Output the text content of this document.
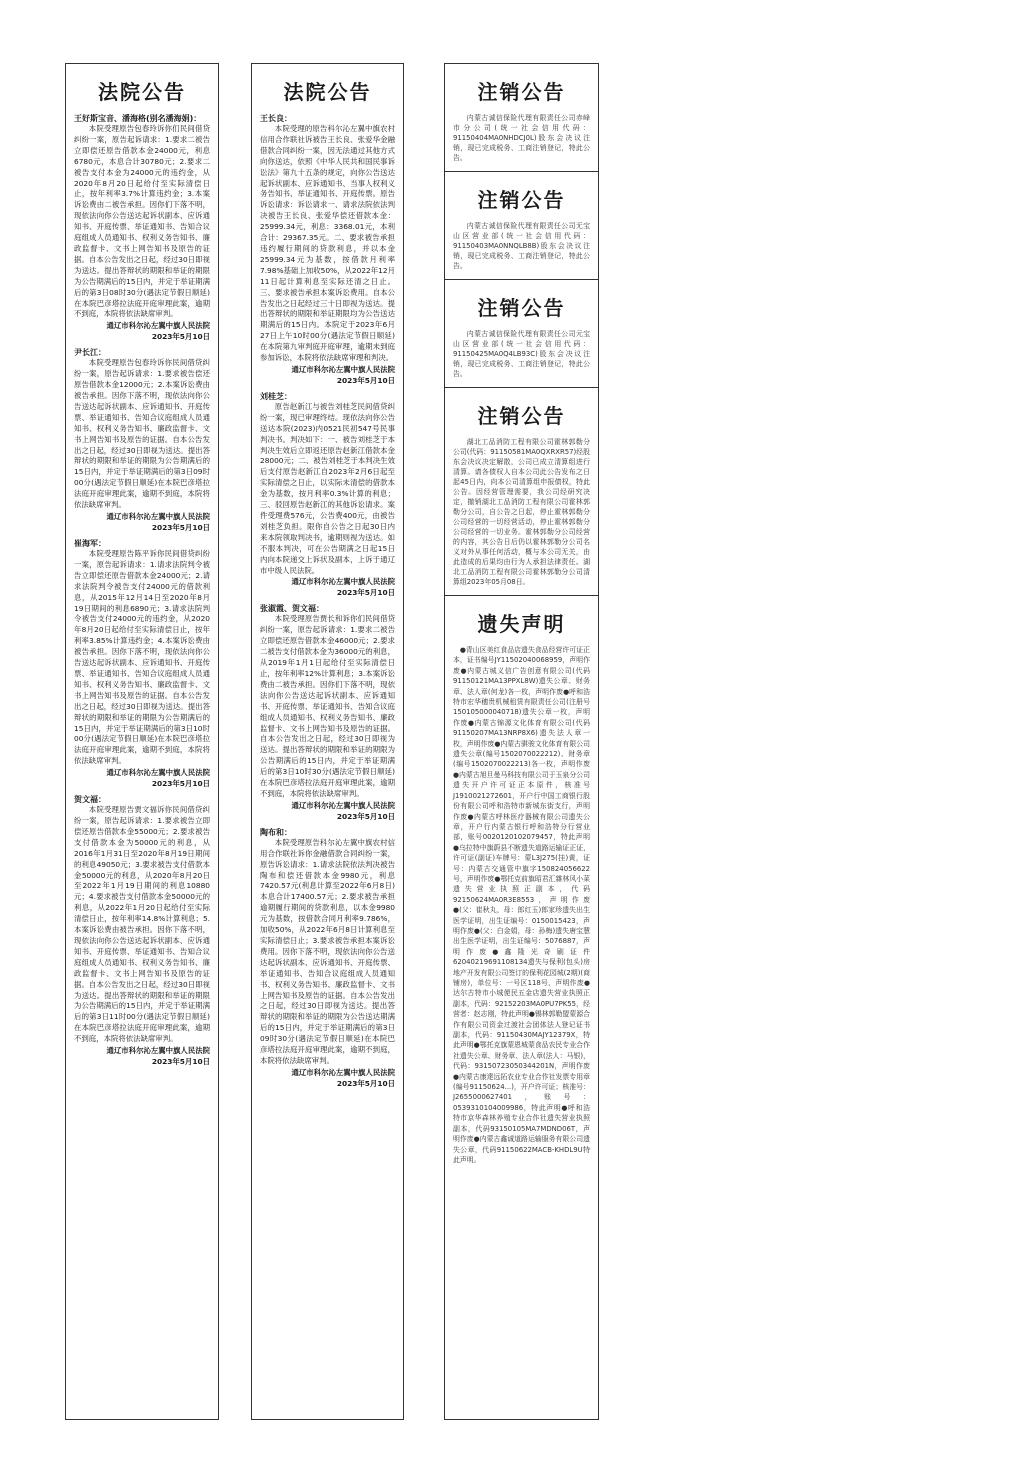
法院公告
王好斯宝音、潘海格(别名潘海娟)：

本院受理原告包春玲诉你们民间借贷纠纷一案，原告起诉请求：1.要求二被告立即偿还原告借款本金24000元，利息6780元，本息合计30780元；2.要求二被告支付本金为24000元的违约金，从2020年8月20日起给付至实际清偿日止，按年利率3.7%计算违约金；3.本案诉讼费由二被告承担。因你们下落不明，现依法向你公告送达起诉状副本、应诉通知书、开庭传票、举证通知书、告知合议庭组成人员通知书、权利义务告知书、廉政监督卡、文书上网告知书及原告的证据。自本公告发出之日起，经过30日即视为送达。提出答辩状的期限和举证的期限为公告期满后的15日内，并定于举证期满后的第3日08时30分(遇法定节假日顺延)在本院巴彦塔拉法庭开庭审理此案，逾期不到庭，本院将依法缺席审判。

通辽市科尔沁左翼中旗人民法院
2023年5月10日
尹长江：

本院受理原告包春玲诉你民间借贷纠纷一案，原告起诉请求：1.要求被告偿还原告借款本金12000元；2.本案诉讼费由被告承担。因你下落不明，现依法向你公告送达起诉状副本、应诉通知书、开庭传票、举证通知书、告知合议庭组成人员通知书、权利义务告知书、廉政监督卡、文书上网告知书及原告的证据。自本公告发出之日起，经过30日即视为送达。提出答辩状的期限和举证的期限为公告期满后的15日内，并定于举证期满后的第3日09时00分(遇法定节假日顺延)在本院巴彦塔拉法庭开庭审理此案，逾期不到庭，本院将依法缺席审判。

通辽市科尔沁左翼中旗人民法院
2023年5月10日
崔海军：

本院受理原告陈平诉你民间借贷纠纷一案，原告起诉请求：1.请求法院判令被告立即偿还原告借款本金24000元；2.请求法院判令被告支付24000元的借款利息，从2015年12月14日至2020年8月19日期间的利息6890元；3.请求法院判令被告支付24000元的违约金，从2020年8月20日起给付至实际清偿日止，按年利率3.85%计算违约金；4.本案诉讼费由被告承担。因你下落不明，现依法向你公告送达起诉状副本、应诉通知书、开庭传票、举证通知书、告知合议庭组成人员通知书、权利义务告知书、廉政监督卡、文书上网告知书及原告的证据。自本公告发出之日起，经过30日即视为送达。提出答辩状的期限和举证的期限为公告期满后的15日内，并定于举证期满后的第3日10时00分(遇法定节假日顺延)在本院巴彦塔拉法庭开庭审理此案，逾期不到庭，本院将依法缺席审判。

通辽市科尔沁左翼中旗人民法院
2023年5月10日
贺文福：

本院受理原告贾文福诉你民间借贷纠纷一案，原告起诉请求：1.要求被告立即偿还原告借款本金55000元；2.要求被告支付借款本金为50000元的利息，从2016年1月31日至2020年8月19日期间的利息49050元；3.要求被告支付借款本金50000元的利息，从2020年8月20日至2022年1月19日期间的利息10880元；4.要求被告支付借款本金50000元的利息，从2022年1月20日起给付至实际清偿日止，按年利率14.8%计算利息；5.本案诉讼费由被告承担。因你下落不明，现依法向你公告送达起诉状副本、应诉通知书、开庭传票、举证通知书、告知合议庭组成人员通知书、权利义务告知书、廉政监督卡、文书上网告知书及原告的证据。自本公告发出之日起，经过30日即视为送达。提出答辩状的期限和举证的期限为公告期满后的15日内，并定于举证期满后的第3日11时00分(遇法定节假日顺延)在本院巴彦塔拉法庭开庭审理此案，逾期不到庭，本院将依法缺席审判。

通辽市科尔沁左翼中旗人民法院
2023年5月10日
法院公告
王长良：

本院受理的原告科尔沁左翼中旗农村信用合作联社诉被告王长良、张爱华金融借款合同纠纷一案，因无法通过其他方式向你送达，依照《中华人民共和国民事诉讼法》第九十五条的规定，向你公告送达起诉状副本、应诉通知书、当事人权利义务告知书、举证通知书、开庭传票。原告诉讼请求：诉讼请求一、请求法院依法判决被告王长良、张爱华偿还借款本金：25999.34元，利息：3368.01元，本利合计：29367.35元。二、要求被告承担违约履行期间的贷款利息，并以本金25999.34元为基数，按借款月利率7.98%基础上加收50%，从2022年12月11日起计算利息至实际还清之日止。三、要求被告承担本案诉讼费用。自本公告发出之日起经过三十日即视为送达。提出答辩状的期限和举证期限均为公告送达期满后的15日内。本院定于2023年6月27日上午10时00分(遇法定节假日顺延)在本院第九审判庭开庭审理，逾期未到庭参加诉讼，本院将依法缺席审理和判决。

通辽市科尔沁左翼中旗人民法院
2023年5月10日
刘桂芝：

原告赵新江与被告刘桂芝民间借贷纠纷一案，现已审理终结。现依法向你公告送达本院(2023)内0521民初547号民事判决书。判决如下：一、被告刘桂芝于本判决生效后立即返还原告赵新江借款本金28000元；二、被告刘桂芝于本判决生效后支付原告赵新江自2023年2月6日起至实际清偿之日止，以实际未清偿的借款本金为基数，按月利率0.3%计算的利息；三、驳回原告赵新江的其他诉讼请求。案件受理费576元，公告费400元，由被告刘桂芝负担。限你自公告之日起30日内来本院领取判决书，逾期则视为送达。如不服本判决，可在公告期满之日起15日内向本院递交上诉状及副本，上诉于通辽市中级人民法院。

通辽市科尔沁左翼中旗人民法院
2023年5月10日
张淑霞、贺文福：

本院受理原告贾长和诉你们民间借贷纠纷一案，原告起诉请求：1.要求二被告立即偿还原告借款本金46000元；2.要求二被告支付借款本金为36000元的利息，从2019年1月1日起给付至实际清偿日止，按年利率12%计算利息；3.本案诉讼费由二被告承担。因你们下落不明，现依法向你公告送达起诉状副本、应诉通知书、开庭传票、举证通知书、告知合议庭组成人员通知书、权利义务告知书、廉政监督卡、文书上网告知书及原告的证据。自本公告发出之日起，经过30日即视为送达。提出答辩状的期限和举证的期限为公告期满后的15日内，并定于举证期满后的第3日10时30分(遇法定节假日顺延)在本院巴彦塔拉法庭开庭审理此案，逾期不到庭，本院将依法缺席审判。

通辽市科尔沁左翼中旗人民法院
2023年5月10日
陶布和：

本院受理原告科尔沁左翼中旗农村信用合作联社诉你金融借款合同纠纷一案，原告诉讼请求：1.请求法院依法判决被告陶布和偿还借款本金9980元，利息7420.57元(利息计算至2022年6月8日)本息合计17400.57元；2.要求被告承担逾期履行期间的贷款利息，以本金9980元为基数，按借款合同月利率9.786%，加收50%，从2022年6月8日计算利息至实际清偿日止；3.要求被告承担本案诉讼费用。因你下落不明，现依法向你公告送达起诉状副本、应诉通知书、开庭传票、举证通知书、告知合议庭组成人员通知书、权利义务告知书、廉政监督卡、文书上网告知书及原告的证据。自本公告发出之日起，经过30日即视为送达。提出答辩状的期限和举证的期限为公告送达期满后的15日内，并定于举证期满后的第3日09时30分(遇法定节假日顺延)在本院巴彦塔拉法庭开庭审理此案，逾期不到庭，本院将依法缺席审判。

通辽市科尔沁左翼中旗人民法院
2023年5月10日
注销公告

内蒙古诚信保险代理有限责任公司赤峰市分公司(统一社会信用代码：91150404MA0NHDCJ0L)股东会决议注销，现已完成税务、工商注销登记，特此公告。

注销公告

内蒙古诚信保险代理有限责任公司无宝山区营业部(统一社会信用代码：91150403MA0NNQLB8B)股东会决议注销，现已完成税务、工商注销登记，特此公告。

注销公告

内蒙古诚信保险代理有限责任公司元宝山区营业部(统一社会信用代码：91150425MA0Q4LB93C)股东会决议注销，现已完成税务、工商注销登记，特此公告。

注销公告

湖北工品消防工程有限公司霍林郭勒分公司(代码：91150581MA0QXRXR57)经股东会决议决定解散，公司已成立清算组进行清算。请各债权人自本公司此公告发布之日起45日内，向本公司清算组申报债权，特此公告。因经营管理需要，我公司经研究决定，撤销湖北工品消防工程有限公司霍林郭勒分公司，自公告之日起，停止霍林郭勒分公司经营的一切经营活动，停止霍林郭勒分公司经营的一切业务。霍林郭勒分公司经营的内容，其公告日后仍以霍林郭勒分公司名义对外从事任何活动，概与本公司无关，由此造成的后果均由行为人承担法律责任。湖北工品消防工程有限公司霍林郭勒分公司清算组2023年05月08日。

遗失声明

●青山区美红食品店遗失食品经营许可证正本，证书编号JY11502040068959，声明作废●内蒙古城义信广告创意有限公司(代码91150121MA13PPXL8W)遗失公章、财务章、法人章(何龙)各一枚，声明作废●呼和浩特市宏华穗贵机械租赁有限责任公司(注册号150105000040718)遗失公章一枚，声明作废●内蒙古锦源文化体育有限公司(代码91150207MA13NRP8X6)遗失法人章一枚，声明作废●内蒙古骐骏文化体育有限公司遗失公章(编号1502070022212)、财务章(编号1502070022213)各一枚，声明作废●内蒙古旭旦曼马科技有限公司于玉泉分公司遗失开户许可证正本原件，核准号J1910021272601，开户行中国工商银行股份有限公司呼和浩特市新城东街支行，声明作废●内蒙古呼林医疗器械有限公司遗失公章，开户行内蒙古银行呼和浩特分行营业部，账号0020120102079457，特此声明●乌拉特中旗蔚县不断遗失道路运输证正证，许可证(副证)车牌号：蒙L3J275(挂)黄，证号：内蒙古交通管中旗字150824056622号，声明作废●鄂托克前旗昭君汇雜林风小菜遗失营业执照正副本，代码92150624MA0R3E8553，声明作废●(父：崔秋丸，母：郎红玉)郎家珍遗失出生医学证明，出生证编号：0150015423，声明作废●(父：白金娟，母：孙梅)遗失唐宝慧出生医学证明，出生证编号：5076887，声明作废●鑫隆光奇刷证件62040219691108134遗失与保利(包头)房地产开发有限公司签订的保利花园城(2期)(商铺房)，单位号：一号区118号，声明作废●达尔古特市小城便民五金店遗失营业执照正副本，代码：92152203MA0PU7PK55，经营者：赵志刚，特此声明●锡林郭勒盟蒙源合作有限公司资金过渡社会团体法人登记证书副本，代码：91150430MAJY12379X，特此声明●鄂托克旗蒙恩城蒙食品农民专业合作社遗失公章、财务章、法人章(法人：马银)，代码：93150723050344201N，声明作废●内蒙古康達远拓农业专业合作社发票专用章(编号91150624...)，开户许可证；核准号：J2655000627401，账号：0539310104009986，特此声明●呼和浩特市京华森林养殖专业合作社遗失营业执照副本，代码93150105MA7MDND06T，声明作废●内蒙古鑫诚道路运输服务有限公司遗失公章，代码91150622MACB-KHDL9U特此声明。
